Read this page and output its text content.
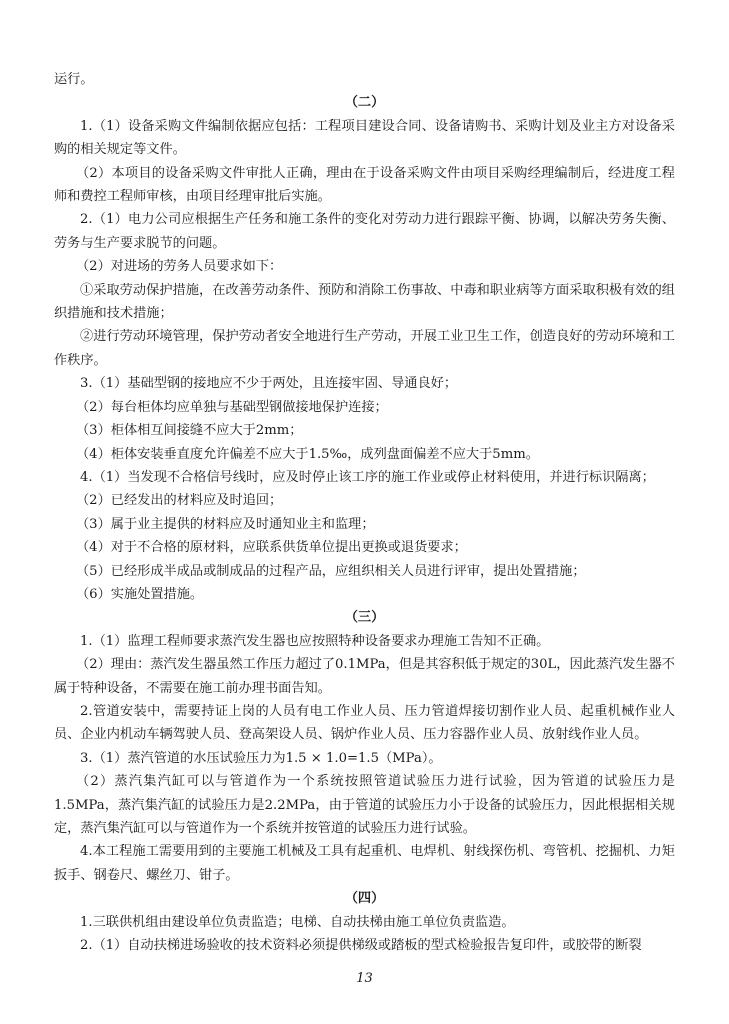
运行。

（二）

1.（1）设备采购文件编制依据应包括：工程项目建设合同、设备请购书、采购计划及业主方对设备采购的相关规定等文件。

（2）本项目的设备采购文件审批人正确，理由在于设备采购文件由项目采购经理编制后，经进度工程师和费控工程师审核，由项目经理审批后实施。

2.（1）电力公司应根据生产任务和施工条件的变化对劳动力进行跟踪平衡、协调，以解决劳务失衡、劳务与生产要求脱节的问题。

（2）对进场的劳务人员要求如下：

①采取劳动保护措施，在改善劳动条件、预防和消除工伤事故、中毒和职业病等方面采取积极有效的组织措施和技术措施；

②进行劳动环境管理，保护劳动者安全地进行生产劳动，开展工业卫生工作，创造良好的劳动环境和工作秩序。

3.（1）基础型钢的接地应不少于两处，且连接牢固、导通良好；

（2）每台柜体均应单独与基础型钢做接地保护连接；

（3）柜体相互间接缝不应大于2mm；

（4）柜体安装垂直度允许偏差不应大于1.5‰，成列盘面偏差不应大于5mm。

4.（1）当发现不合格信号线时，应及时停止该工序的施工作业或停止材料使用，并进行标识隔离；

（2）已经发出的材料应及时追回；

（3）属于业主提供的材料应及时通知业主和监理；

（4）对于不合格的原材料，应联系供货单位提出更换或退货要求；

（5）已经形成半成品或制成品的过程产品，应组织相关人员进行评审，提出处置措施；

（6）实施处置措施。

（三）

1.（1）监理工程师要求蒸汽发生器也应按照特种设备要求办理施工告知不正确。

（2）理由：蒸汽发生器虽然工作压力超过了0.1MPa，但是其容积低于规定的30L，因此蒸汽发生器不属于特种设备，不需要在施工前办理书面告知。

2.管道安装中，需要持证上岗的人员有电工作业人员、压力管道焊接切割作业人员、起重机械作业人员、企业内机动车辆驾驶人员、登高架设人员、锅炉作业人员、压力容器作业人员、放射线作业人员。

3.（1）蒸汽管道的水压试验压力为1.5 × 1.0=1.5（MPa）。

（2）蒸汽集汽缸可以与管道作为一个系统按照管道试验压力进行试验，因为管道的试验压力是1.5MPa，蒸汽集汽缸的试验压力是2.2MPa，由于管道的试验压力小于设备的试验压力，因此根据相关规定，蒸汽集汽缸可以与管道作为一个系统并按管道的试验压力进行试验。

4.本工程施工需要用到的主要施工机械及工具有起重机、电焊机、射线探伤机、弯管机、挖掘机、力矩扳手、钢卷尺、螺丝刀、钳子。

（四）

1.三联供机组由建设单位负责监造；电梯、自动扶梯由施工单位负责监造。

2.（1）自动扶梯进场验收的技术资料必须提供梯级或踏板的型式检验报告复印件，或胶带的断裂

13
